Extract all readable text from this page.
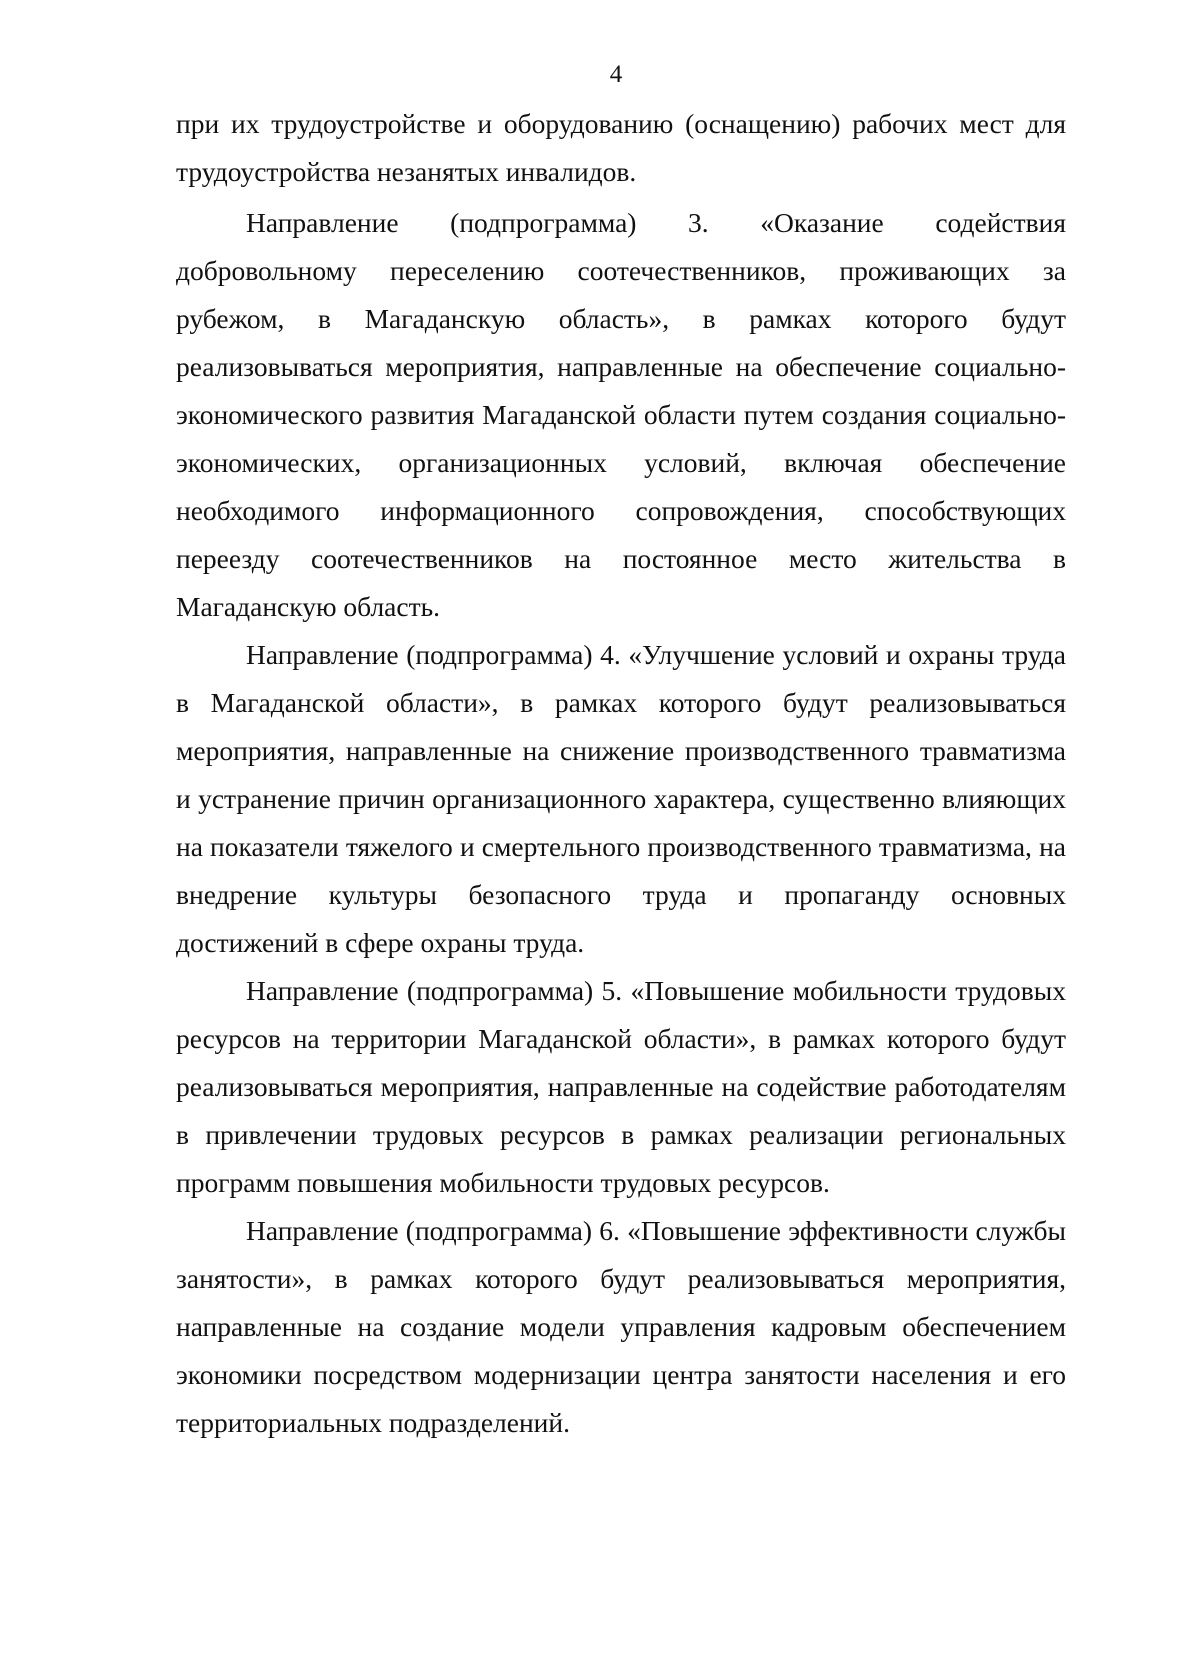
4

при их трудоустройстве и оборудованию (оснащению) рабочих мест для трудоустройства незанятых инвалидов.

Направление (подпрограмма) 3. «Оказание содействия добровольному переселению соотечественников, проживающих за рубежом, в Магаданскую область», в рамках которого будут реализовываться мероприятия, направленные на обеспечение социально-экономического развития Магаданской области путем создания социально-экономических, организационных условий, включая обеспечение необходимого информационного сопровождения, способствующих переезду соотечественников на постоянное место жительства в Магаданскую область.

Направление (подпрограмма) 4. «Улучшение условий и охраны труда в Магаданской области», в рамках которого будут реализовываться мероприятия, направленные на снижение производственного травматизма и устранение причин организационного характера, существенно влияющих на показатели тяжелого и смертельного производственного травматизма, на внедрение культуры безопасного труда и пропаганду основных достижений в сфере охраны труда.

Направление (подпрограмма) 5. «Повышение мобильности трудовых ресурсов на территории Магаданской области», в рамках которого будут реализовываться мероприятия, направленные на содействие работодателям в привлечении трудовых ресурсов в рамках реализации региональных программ повышения мобильности трудовых ресурсов.

Направление (подпрограмма) 6. «Повышение эффективности службы занятости», в рамках которого будут реализовываться мероприятия, направленные на создание модели управления кадровым обеспечением экономики посредством модернизации центра занятости населения и его территориальных подразделений.
